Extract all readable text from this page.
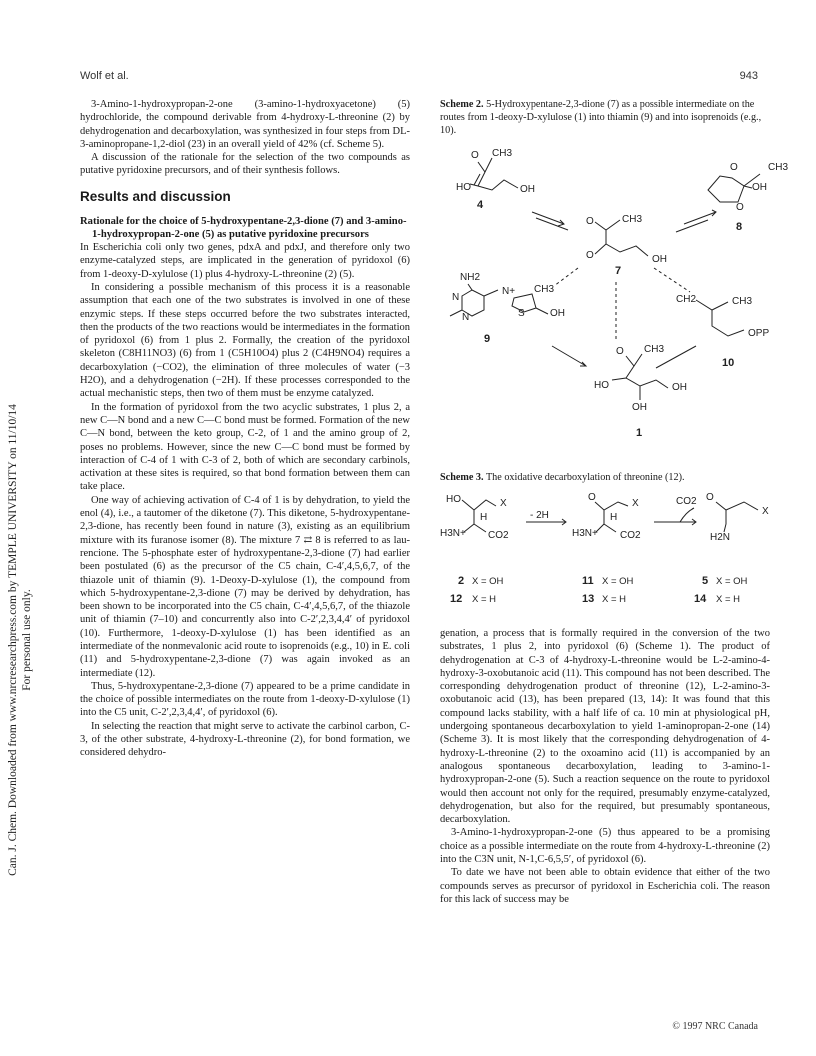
Wolf et al.	943
Can. J. Chem. Downloaded from www.nrcresearchpress.com by TEMPLE UNIVERSITY on 11/10/14 For personal use only.

3-Amino-1-hydroxypropan-2-one (3-amino-1-hydroxyacetone) (5) hydrochloride, the compound derivable from 4-hydroxy-L-threonine (2) by dehydrogenation and decarboxylation, was synthesized in four steps from DL-3-aminopropane-1,2-diol (23) in an overall yield of 42% (cf. Scheme 5).

A discussion of the rationale for the selection of the two compounds as putative pyridoxine precursors, and of their synthesis follows.

Results and discussion
Rationale for the choice of 5-hydroxypentane-2,3-dione (7) and 3-amino-1-hydroxypropan-2-one (5) as putative pyridoxine precursors

In Escherichia coli only two genes, pdxA and pdxJ, and therefore only two enzyme-catalyzed steps, are implicated in the generation of pyridoxol (6) from 1-deoxy-D-xylulose (1) plus 4-hydroxy-L-threonine (2) (5).

In considering a possible mechanism of this process it is a reasonable assumption that each one of the two substrates is involved in one of these enzymic steps. If these steps occurred before the two substrates interacted, then the products of the two reactions would be intermediates in the formation of pyridoxol (6) from 1 plus 2. Formally, the creation of the pyridoxol skeleton (C8H11NO3) (6) from 1 (C5H10O4) plus 2 (C4H9NO4) requires a decarboxylation (−CO2), the elimination of three molecules of water (−3 H2O), and a dehydrogenation (−2H). If these processes corresponded to the actual mechanistic steps, then two of them must be enzyme catalyzed.

In the formation of pyridoxol from the two acyclic substrates, 1 plus 2, a new C—N bond and a new C—C bond must be formed. Formation of the new C—N bond, between the keto group, C-2, of 1 and the amino group of 2, poses no problems. However, since the new C—C bond must be formed by interaction of C-4 of 1 with C-3 of 2, both of which are secondary carbinols, activation at these sites is required, so that bond formation between them can take place.

One way of achieving activation of C-4 of 1 is by dehydration, to yield the enol (4), i.e., a tautomer of the diketone (7). This diketone, 5-hydroxypentane-2,3-dione, has recently been found in nature (3), existing as an equilibrium mixture with its furanose isomer (8). The mixture 7 ⇄ 8 is referred to as laurencione. The 5-phosphate ester of hydroxypentane-2,3-dione (7) had earlier been postulated (6) as the precursor of the C5 chain, C-4′,4,5,6,7, of the thiazole unit of thiamin (9). 1-Deoxy-D-xylulose (1), the compound from which 5-hydroxypentane-2,3-dione (7) may be derived by dehydration, has been shown to be incorporated into the C5 chain, C-4′,4,5,6,7, of the thiazole unit of thiamin (7–10) and concurrently also into C-2′,2,3,4,4′ of pyridoxol (10). Furthermore, 1-deoxy-D-xylulose (1) has been identified as an intermediate of the nonmevalonic acid route to isoprenoids (e.g., 10) in E. coli (11) and 5-hydroxypentane-2,3-dione (7) was again invoked as an intermediate (12).

Thus, 5-hydroxypentane-2,3-dione (7) appeared to be a prime candidate in the choice of possible intermediates on the route from 1-deoxy-D-xylulose (1) into the C5 unit, C-2′,2,3,4,4′, of pyridoxol (6).

In selecting the reaction that might serve to activate the carbinol carbon, C-3, of the other substrate, 4-hydroxy-L-threonine (2), for bond formation, we considered dehydro-

Scheme 2. 5-Hydroxypentane-2,3-dione (7) as a possible intermediate on the routes from 1-deoxy-D-xylulose (1) into thiamin (9) and into isoprenoids (e.g., 10).
O CH3
HO	OH
4
O	CH3
O	OH
7
CH3
OH
O
O
8
NH2
N
N
N+ CH3
S	OH
9
CH2	CH3
OPP
10
O CH3
HO	OH
OH
1
Scheme 3. The oxidative decarboxylation of threonine (12).
HO	X
H
H3N+ CO2
- 2H
O
X
H
H3N+ CO2
CO2 O
X
H2N
2 X = OH	11 X = OH	5 X = OH
12 X = H	13 X = H	14 X = H

genation, a process that is formally required in the conversion of the two substrates, 1 plus 2, into pyridoxol (6) (Scheme 1). The product of dehydrogenation at C-3 of 4-hydroxy-L-threonine would be L-2-amino-4-hydroxy-3-oxobutanoic acid (11). This compound has not been described. The corresponding dehydrogenation product of threonine (12), L-2-amino-3-oxobutanoic acid (13), has been prepared (13, 14): It was found that this compound lacks stability, with a half life of ca. 10 min at physiological pH, undergoing spontaneous decarboxylation to yield 1-aminopropan-2-one (14) (Scheme 3). It is most likely that the corresponding dehydrogenation of 4-hydroxy-L-threonine (2) to the oxoamino acid (11) is accompanied by an analogous spontaneous decarboxylation, leading to 3-amino-1-hydroxypropan-2-one (5). Such a reaction sequence on the route to pyridoxol would then account not only for the required, presumably enzyme-catalyzed, dehydrogenation, but also for the required, but presumably spontaneous, decarboxylation.

3-Amino-1-hydroxypropan-2-one (5) thus appeared to be a promising choice as a possible intermediate on the route from 4-hydroxy-L-threonine (2) into the C3N unit, N-1,C-6,5,5′, of pyridoxol (6).

To date we have not been able to obtain evidence that either of the two compounds serves as precursor of pyridoxol in Escherichia coli. The reason for this lack of success may be

© 1997 NRC Canada
